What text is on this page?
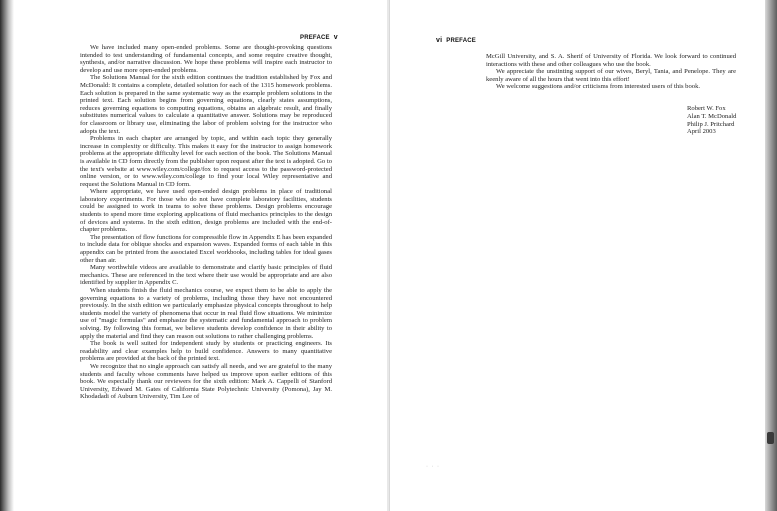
PREFACE v

We have included many open-ended problems. Some are thought-provoking questions intended to test understanding of fundamental concepts, and some require creative thought, synthesis, and/or narrative discussion. We hope these problems will inspire each instructor to develop and use more open-ended problems.

The Solutions Manual for the sixth edition continues the tradition established by Fox and McDonald: It contains a complete, detailed solution for each of the 1315 homework problems. Each solution is prepared in the same systematic way as the example problem solutions in the printed text. Each solution begins from governing equations, clearly states assumptions, reduces governing equations to computing equations, obtains an algebraic result, and finally substitutes numerical values to calculate a quantitative answer. Solutions may be reproduced for classroom or library use, eliminating the labor of problem solving for the instructor who adopts the text.

Problems in each chapter are arranged by topic, and within each topic they generally increase in complexity or difficulty. This makes it easy for the instructor to assign homework problems at the appropriate difficulty level for each section of the book. The Solutions Manual is available in CD form directly from the publisher upon request after the text is adopted. Go to the text's website at www.wiley.com/college/fox to request access to the password-protected online version, or to www.wiley.com/college to find your local Wiley representative and request the Solutions Manual in CD form.

Where appropriate, we have used open-ended design problems in place of traditional laboratory experiments. For those who do not have complete laboratory facilities, students could be assigned to work in teams to solve these problems. Design problems encourage students to spend more time exploring applications of fluid mechanics principles to the design of devices and systems. In the sixth edition, design problems are included with the end-of-chapter problems.

The presentation of flow functions for compressible flow in Appendix E has been expanded to include data for oblique shocks and expansion waves. Expanded forms of each table in this appendix can be printed from the associated Excel workbooks, including tables for ideal gases other than air.

Many worthwhile videos are available to demonstrate and clarify basic principles of fluid mechanics. These are referenced in the text where their use would be appropriate and are also identified by supplier in Appendix C.

When students finish the fluid mechanics course, we expect them to be able to apply the governing equations to a variety of problems, including those they have not encountered previously. In the sixth edition we particularly emphasize physical concepts throughout to help students model the variety of phenomena that occur in real fluid flow situations. We minimize use of "magic formulas" and emphasize the systematic and fundamental approach to problem solving. By following this format, we believe students develop confidence in their ability to apply the material and find they can reason out solutions to rather challenging problems.

The book is well suited for independent study by students or practicing engineers. Its readability and clear examples help to build confidence. Answers to many quantitative problems are provided at the back of the printed text.

We recognize that no single approach can satisfy all needs, and we are grateful to the many students and faculty whose comments have helped us improve upon earlier editions of this book. We especially thank our reviewers for the sixth edition: Mark A. Cappelli of Stanford University, Edward M. Gates of California State Polytechnic University (Pomona), Jay M. Khodadadi of Auburn University, Tim Lee of

vi PREFACE

McGill University, and S. A. Sherif of University of Florida. We look forward to continued interactions with these and other colleagues who use the book.

We appreciate the unstinting support of our wives, Beryl, Tania, and Penelope. They are keenly aware of all the hours that went into this effort!

We welcome suggestions and/or criticisms from interested users of this book.

Robert W. Fox
Alan T. McDonald
Philip J. Pritchard
April 2003
· · ·
